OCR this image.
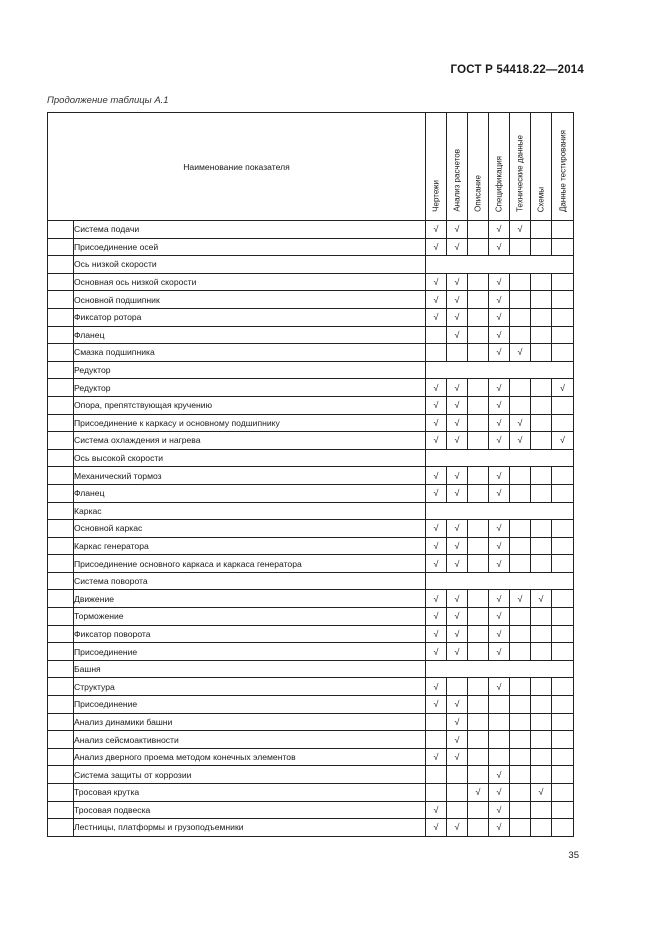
ГОСТ Р 54418.22—2014
Продолжение таблицы А.1
Наименование показателя		Чертежи	Анализ расчетов	Описание	Спецификация	Технические данные	Схемы	Данные тестирования

	Система подачи	√	√		√	√		
	Присоединение осей	√	√		√			
	Ось низкой скорости							
	Основная ось низкой скорости	√	√		√			
	Основной подшипник	√	√		√			
	Фиксатор ротора	√	√		√			
	Фланец		√		√			
	Смазка подшипника				√	√		
	Редуктор							
	Редуктор	√	√		√			√
	Опора, препятствующая кручению	√	√		√			
	Присоединение к каркасу и основному подшипнику	√	√		√	√		
	Система охлаждения и нагрева	√	√		√	√		√
	Ось высокой скорости							
	Механический тормоз	√	√		√			
	Фланец	√	√		√			
	Каркас							
	Основной каркас	√	√		√			
	Каркас генератора	√	√		√			
	Присоединение основного каркаса и каркаса генератора	√	√		√			
	Система поворота							
	Движение	√	√		√	√	√	
	Торможение	√	√		√			
	Фиксатор поворота	√	√		√			
	Присоединение	√	√		√			
	Башня							
	Структура	√			√			
	Присоединение	√	√					
	Анализ динамики башни		√					
	Анализ сейсмоактивности		√					
	Анализ дверного проема методом конечных элементов	√	√					
	Система защиты от коррозии				√			
	Тросовая крутка			√	√		√	
	Тросовая подвеска	√			√			
	Лестницы, платформы и грузоподъемники	√	√		√			
35
